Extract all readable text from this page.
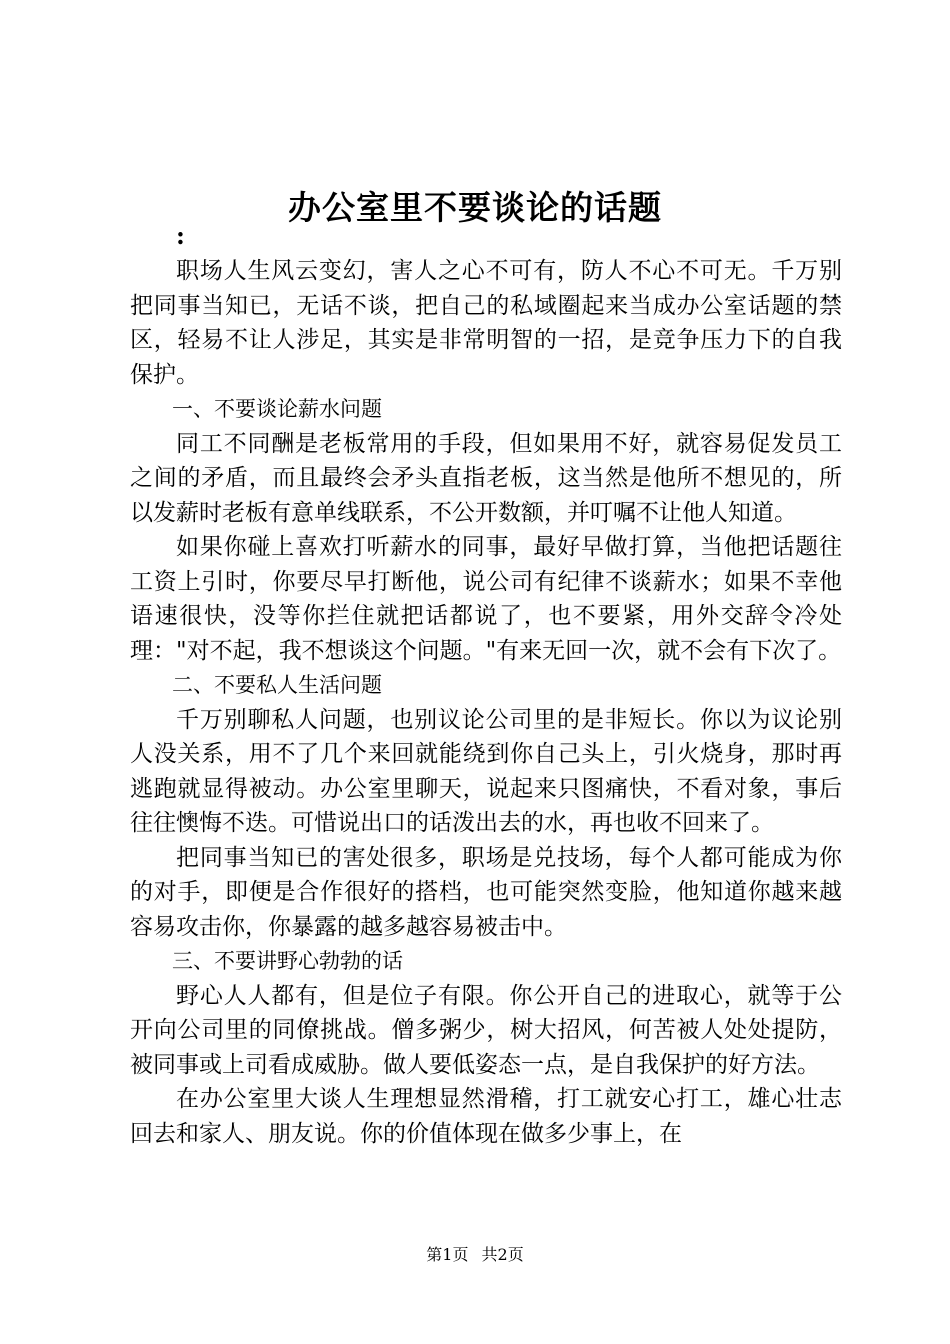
办公室里不要谈论的话题
:

职场人生风云变幻，害人之心不可有，防人不心不可无。千万别把同事当知已，无话不谈，把自己的私域圈起来当成办公室话题的禁区，轻易不让人涉足，其实是非常明智的一招，是竞争压力下的自我保护。

一、不要谈论薪水问题

同工不同酬是老板常用的手段，但如果用不好，就容易促发员工之间的矛盾，而且最终会矛头直指老板，这当然是他所不想见的，所以发薪时老板有意单线联系，不公开数额，并叮嘱不让他人知道。

如果你碰上喜欢打听薪水的同事，最好早做打算，当他把话题往工资上引时，你要尽早打断他，说公司有纪律不谈薪水；如果不幸他语速很快，没等你拦住就把话都说了，也不要紧，用外交辞令冷处理："对不起，我不想谈这个问题。"有来无回一次，就不会有下次了。

二、不要私人生活问题

千万别聊私人问题，也别议论公司里的是非短长。你以为议论别人没关系，用不了几个来回就能绕到你自己头上，引火烧身，那时再逃跑就显得被动。办公室里聊天，说起来只图痛快，不看对象，事后往往懊悔不迭。可惜说出口的话泼出去的水，再也收不回来了。

把同事当知已的害处很多，职场是兑技场，每个人都可能成为你的对手，即便是合作很好的搭档，也可能突然变脸，他知道你越来越容易攻击你，你暴露的越多越容易被击中。

三、不要讲野心勃勃的话

野心人人都有，但是位子有限。你公开自己的进取心，就等于公开向公司里的同僚挑战。僧多粥少，树大招风，何苦被人处处提防，被同事或上司看成威胁。做人要低姿态一点，是自我保护的好方法。

在办公室里大谈人生理想显然滑稽，打工就安心打工，雄心壮志回去和家人、朋友说。你的价值体现在做多少事上，在

第1页 共2页
